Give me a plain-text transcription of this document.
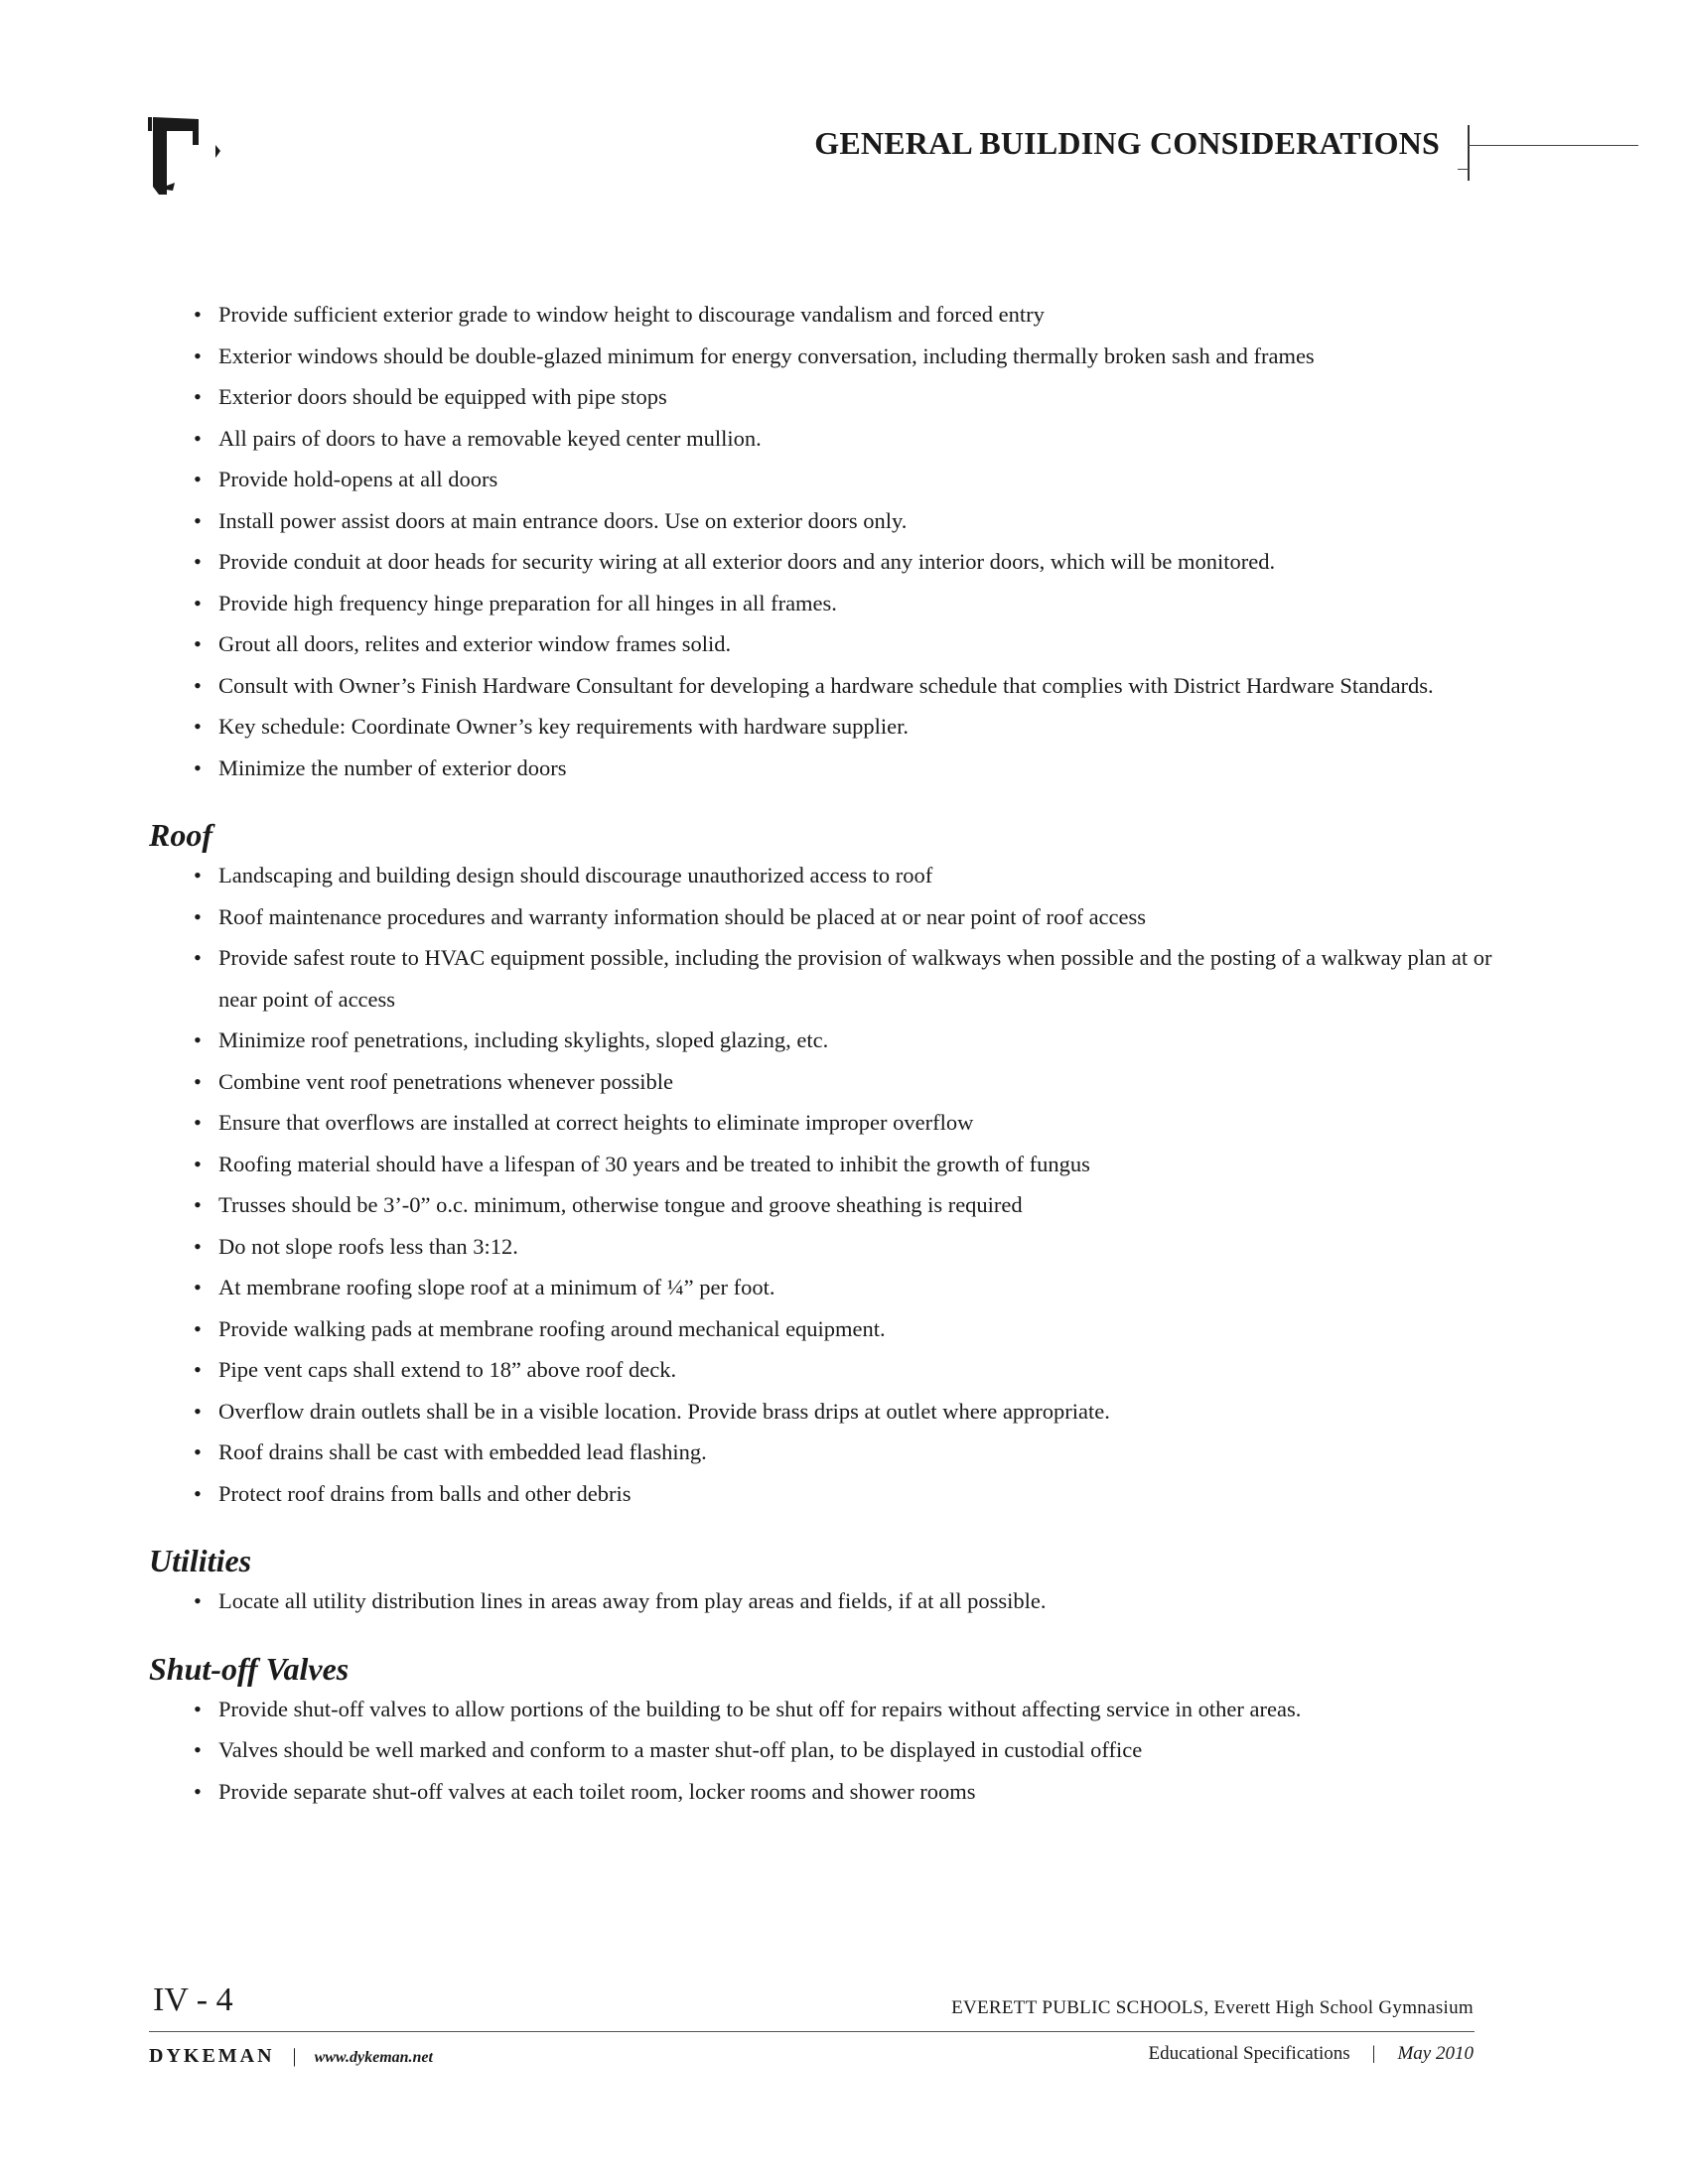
GENERAL BUILDING CONSIDERATIONS
• Provide sufficient exterior grade to window height to discourage vandalism and forced entry
• Exterior windows should be double-glazed minimum for energy conversation, including thermally broken sash and frames
• Exterior doors should be equipped with pipe stops
• All pairs of doors to have a removable keyed center mullion.
• Provide hold-opens at all doors
• Install power assist doors at main entrance doors. Use on exterior doors only.
• Provide conduit at door heads for security wiring at all exterior doors and any interior doors, which will be monitored.
• Provide high frequency hinge preparation for all hinges in all frames.
• Grout all doors, relites and exterior window frames solid.
• Consult with Owner’s Finish Hardware Consultant for developing a hardware schedule that complies with District Hardware Standards.
• Key schedule: Coordinate Owner’s key requirements with hardware supplier.
• Minimize the number of exterior doors
Roof
• Landscaping and building design should discourage unauthorized access to roof
• Roof maintenance procedures and warranty information should be placed at or near point of roof access
• Provide safest route to HVAC equipment possible, including the provision of walkways when possible and the posting of a walkway plan at or near point of access
• Minimize roof penetrations, including skylights, sloped glazing, etc.
• Combine vent roof penetrations whenever possible
• Ensure that overflows are installed at correct heights to eliminate improper overflow
• Roofing material should have a lifespan of 30 years and be treated to inhibit the growth of fungus
• Trusses should be 3’-0” o.c. minimum, otherwise tongue and groove sheathing is required
• Do not slope roofs less than 3:12.
• At membrane roofing slope roof at a minimum of ¼” per foot.
• Provide walking pads at membrane roofing around mechanical equipment.
• Pipe vent caps shall extend to 18” above roof deck.
• Overflow drain outlets shall be in a visible location. Provide brass drips at outlet where appropriate.
• Roof drains shall be cast with embedded lead flashing.
• Protect roof drains from balls and other debris
Utilities
• Locate all utility distribution lines in areas away from play areas and fields, if at all possible.
Shut-off Valves
• Provide shut-off valves to allow portions of the building to be shut off for repairs without affecting service in other areas.
• Valves should be well marked and conform to a master shut-off plan, to be displayed in custodial office
• Provide separate shut-off valves at each toilet room, locker rooms and shower rooms
IV - 4	EVERETT PUBLIC SCHOOLS, Everett High School Gymnasium
DYKEMAN | www.dykeman.net	Educational Specifications | May 2010
